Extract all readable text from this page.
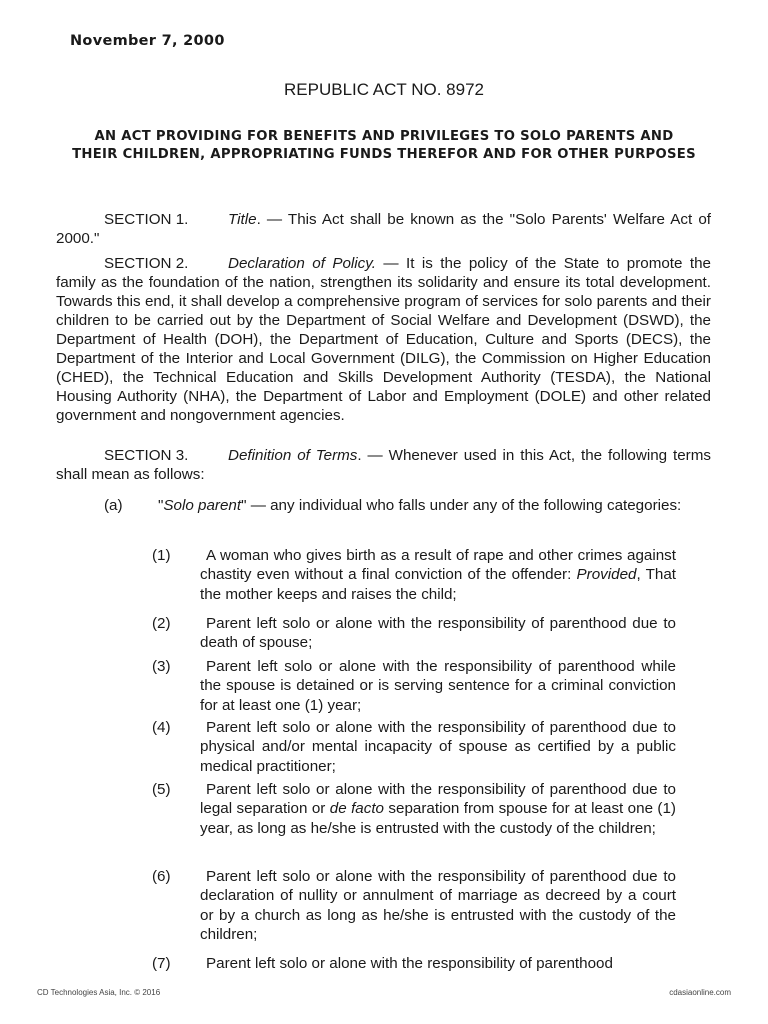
November 7, 2000
REPUBLIC ACT NO. 8972
AN ACT PROVIDING FOR BENEFITS AND PRIVILEGES TO SOLO PARENTS AND THEIR CHILDREN, APPROPRIATING FUNDS THEREFOR AND FOR OTHER PURPOSES
SECTION 1.	Title. — This Act shall be known as the "Solo Parents' Welfare Act of 2000."
SECTION 2.	Declaration of Policy. — It is the policy of the State to promote the family as the foundation of the nation, strengthen its solidarity and ensure its total development. Towards this end, it shall develop a comprehensive program of services for solo parents and their children to be carried out by the Department of Social Welfare and Development (DSWD), the Department of Health (DOH), the Department of Education, Culture and Sports (DECS), the Department of the Interior and Local Government (DILG), the Commission on Higher Education (CHED), the Technical Education and Skills Development Authority (TESDA), the National Housing Authority (NHA), the Department of Labor and Employment (DOLE) and other related government and nongovernment agencies.
SECTION 3.	Definition of Terms. — Whenever used in this Act, the following terms shall mean as follows:
(a)	"Solo parent" — any individual who falls under any of the following categories:
(1)	A woman who gives birth as a result of rape and other crimes against chastity even without a final conviction of the offender: Provided, That the mother keeps and raises the child;
(2)	Parent left solo or alone with the responsibility of parenthood due to death of spouse;
(3)	Parent left solo or alone with the responsibility of parenthood while the spouse is detained or is serving sentence for a criminal conviction for at least one (1) year;
(4)	Parent left solo or alone with the responsibility of parenthood due to physical and/or mental incapacity of spouse as certified by a public medical practitioner;
(5)	Parent left solo or alone with the responsibility of parenthood due to legal separation or de facto separation from spouse for at least one (1) year, as long as he/she is entrusted with the custody of the children;
(6)	Parent left solo or alone with the responsibility of parenthood due to declaration of nullity or annulment of marriage as decreed by a court or by a church as long as he/she is entrusted with the custody of the children;
(7)	Parent left solo or alone with the responsibility of parenthood
CD Technologies Asia, Inc. © 2016	cdasiaonline.com
